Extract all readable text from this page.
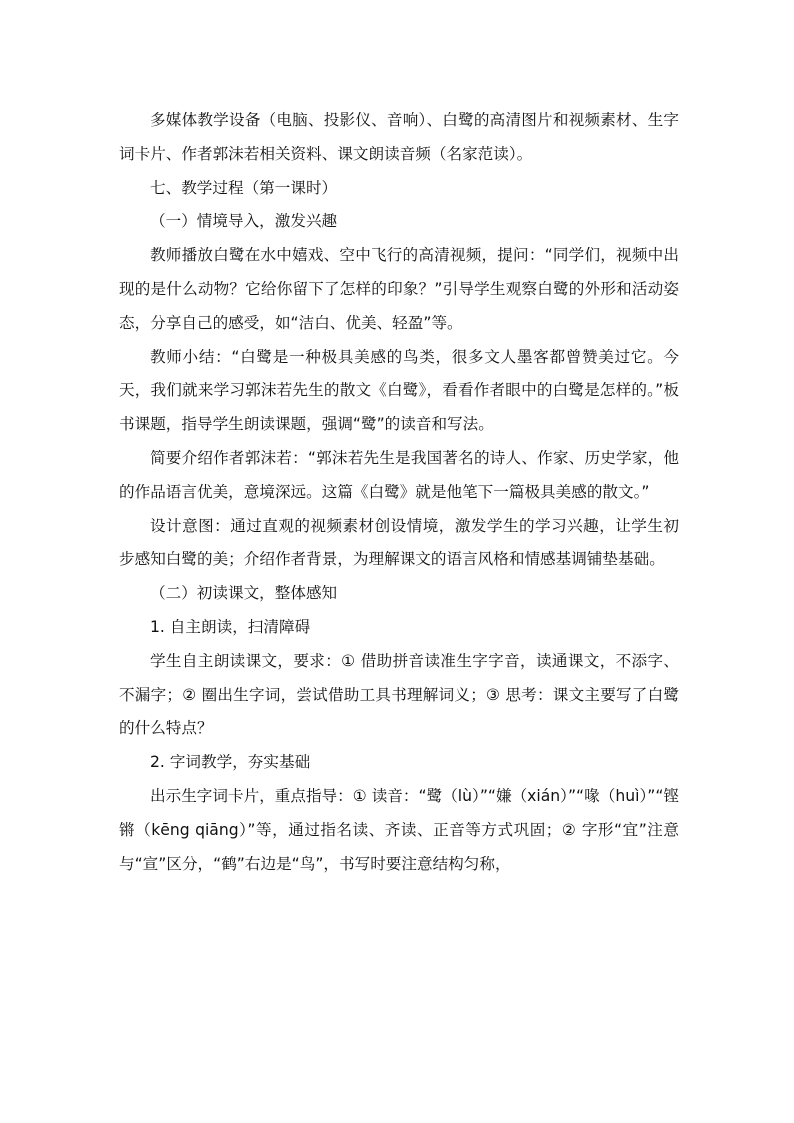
多媒体教学设备（电脑、投影仪、音响）、白鹭的高清图片和视频素材、生字词卡片、作者郭沫若相关资料、课文朗读音频（名家范读）。

七、教学过程（第一课时）

（一）情境导入，激发兴趣

教师播放白鹭在水中嬉戏、空中飞行的高清视频，提问：“同学们，视频中出现的是什么动物？它给你留下了怎样的印象？”引导学生观察白鹭的外形和活动姿态，分享自己的感受，如“洁白、优美、轻盈”等。

教师小结：“白鹭是一种极具美感的鸟类，很多文人墨客都曾赞美过它。今天，我们就来学习郭沫若先生的散文《白鹭》，看看作者眼中的白鹭是怎样的。”板书课题，指导学生朗读课题，强调“鹭”的读音和写法。

简要介绍作者郭沫若：“郭沫若先生是我国著名的诗人、作家、历史学家，他的作品语言优美，意境深远。这篇《白鹭》就是他笔下一篇极具美感的散文。”

设计意图：通过直观的视频素材创设情境，激发学生的学习兴趣，让学生初步感知白鹭的美；介绍作者背景，为理解课文的语言风格和情感基调铺垫基础。

（二）初读课文，整体感知

1. 自主朗读，扫清障碍

学生自主朗读课文，要求：① 借助拼音读准生字字音，读通课文，不添字、不漏字；② 圈出生字词，尝试借助工具书理解词义；③ 思考：课文主要写了白鹭的什么特点？

2. 字词教学，夯实基础

出示生字词卡片，重点指导：① 读音：“鹭（lù）”“嫌（xián）”“喙（huì）”“铿锵（kēng qiāng）”等，通过指名读、齐读、正音等方式巩固；② 字形“宜”注意与“宣”区分，“鹤”右边是“鸟”，书写时要注意结构匀称，
